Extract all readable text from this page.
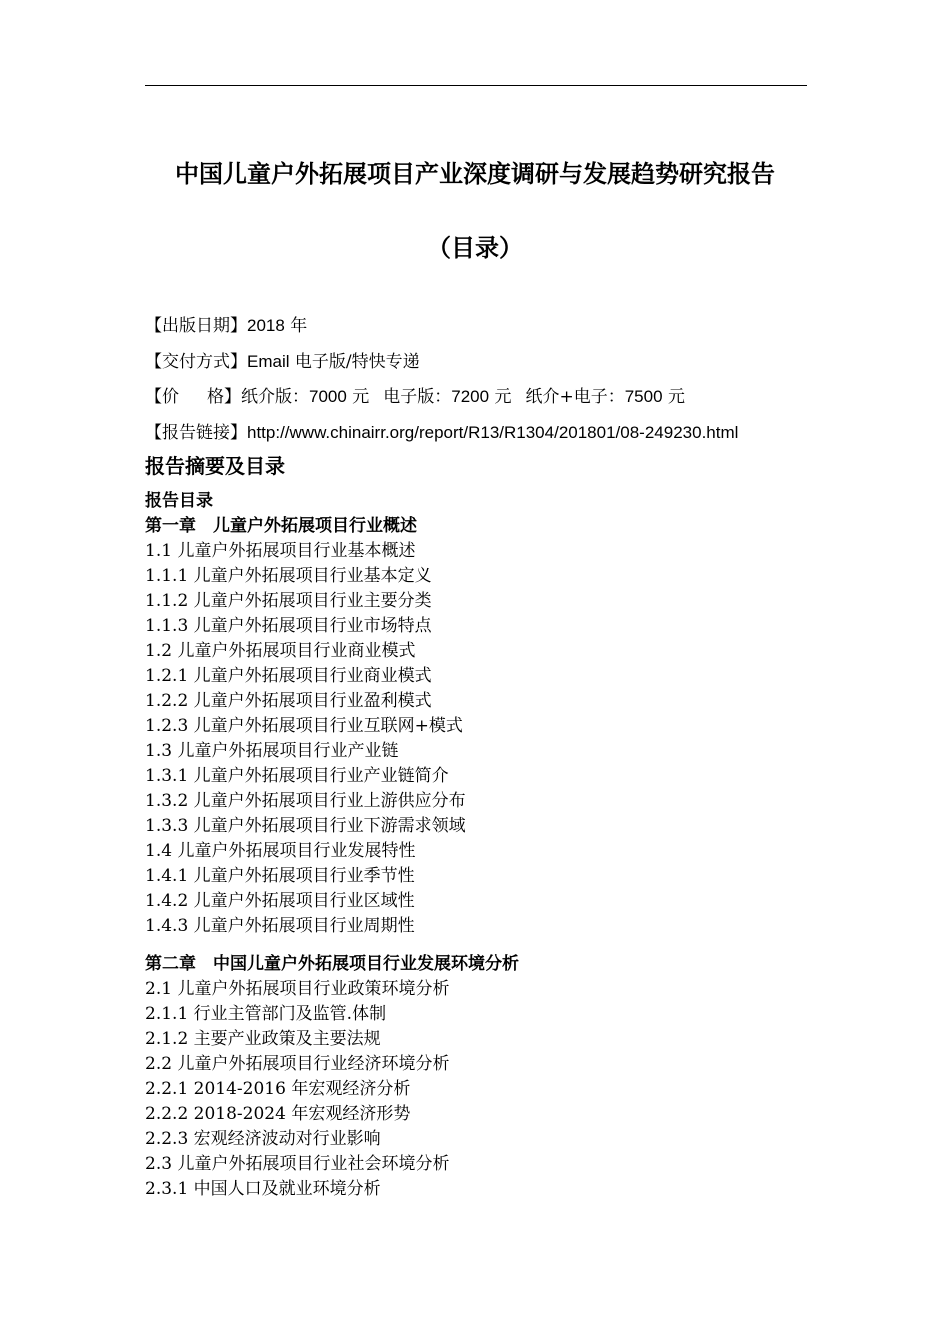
中国儿童户外拓展项目产业深度调研与发展趋势研究报告
（目录）
【出版日期】2018 年
【交付方式】Email 电子版/特快专递
【价 格】纸介版：7000 元 电子版：7200 元 纸介+电子：7500 元
【报告链接】http://www.chinairr.org/report/R13/R1304/201801/08-249230.html
报告摘要及目录
报告目录
第一章　儿童户外拓展项目行业概述
1.1 儿童户外拓展项目行业基本概述
1.1.1 儿童户外拓展项目行业基本定义
1.1.2 儿童户外拓展项目行业主要分类
1.1.3 儿童户外拓展项目行业市场特点
1.2 儿童户外拓展项目行业商业模式
1.2.1 儿童户外拓展项目行业商业模式
1.2.2 儿童户外拓展项目行业盈利模式
1.2.3 儿童户外拓展项目行业互联网+模式
1.3 儿童户外拓展项目行业产业链
1.3.1 儿童户外拓展项目行业产业链简介
1.3.2 儿童户外拓展项目行业上游供应分布
1.3.3 儿童户外拓展项目行业下游需求领域
1.4 儿童户外拓展项目行业发展特性
1.4.1 儿童户外拓展项目行业季节性
1.4.2 儿童户外拓展项目行业区域性
1.4.3 儿童户外拓展项目行业周期性
第二章　中国儿童户外拓展项目行业发展环境分析
2.1 儿童户外拓展项目行业政策环境分析
2.1.1 行业主管部门及监管.体制
2.1.2 主要产业政策及主要法规
2.2 儿童户外拓展项目行业经济环境分析
2.2.1 2014-2016 年宏观经济分析
2.2.2 2018-2024 年宏观经济形势
2.2.3 宏观经济波动对行业影响
2.3 儿童户外拓展项目行业社会环境分析
2.3.1 中国人口及就业环境分析
